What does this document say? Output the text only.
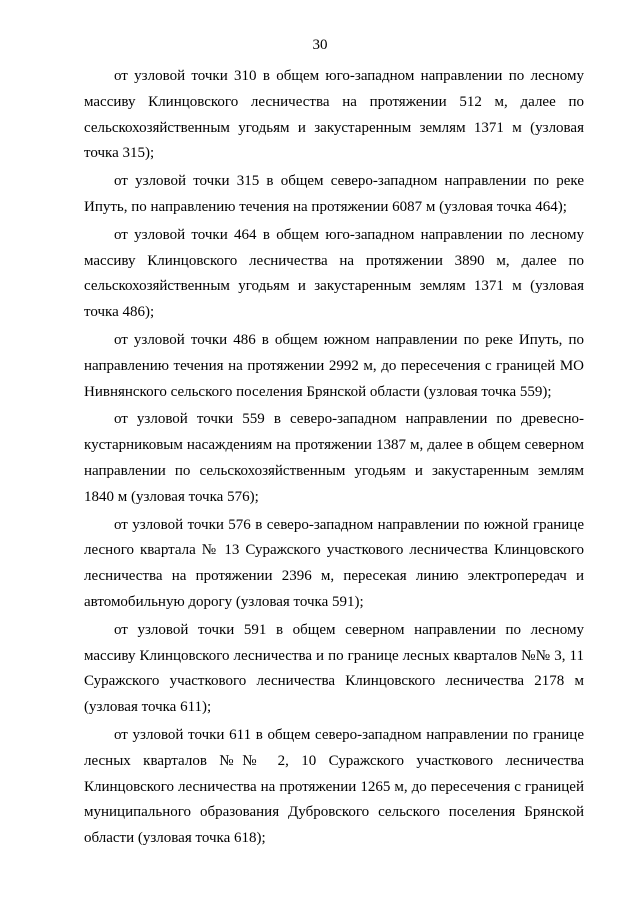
30

от узловой точки 310 в общем юго-западном направлении по лесному массиву Клинцовского лесничества на протяжении 512 м, далее по сельскохозяйственным угодьям и закустаренным землям 1371 м (узловая точка 315);

от узловой точки 315 в общем северо-западном направлении по реке Ипуть, по направлению течения на протяжении 6087 м (узловая точка 464);

от узловой точки 464 в общем юго-западном направлении по лесному массиву Клинцовского лесничества на протяжении 3890 м, далее по сельскохозяйственным угодьям и закустаренным землям 1371 м (узловая точка 486);

от узловой точки 486 в общем южном направлении по реке Ипуть, по направлению течения на протяжении 2992 м, до пересечения с границей МО Нивнянского сельского поселения Брянской области (узловая точка 559);

от узловой точки 559 в северо-западном направлении по древесно-кустарниковым насаждениям на протяжении 1387 м, далее в общем северном направлении по сельскохозяйственным угодьям и закустаренным землям 1840 м (узловая точка 576);

от узловой точки 576 в северо-западном направлении по южной границе лесного квартала № 13 Суражского участкового лесничества Клинцовского лесничества на протяжении 2396 м, пересекая линию электропередач и автомобильную дорогу (узловая точка 591);

от узловой точки 591 в общем северном направлении по лесному массиву Клинцовского лесничества и по границе лесных кварталов №№ 3, 11 Суражского участкового лесничества Клинцовского лесничества 2178 м (узловая точка 611);

от узловой точки 611 в общем северо-западном направлении по границе лесных кварталов №№ 2, 10 Суражского участкового лесничества Клинцовского лесничества на протяжении 1265 м, до пересечения с границей муниципального образования Дубровского сельского поселения Брянской области (узловая точка 618);
